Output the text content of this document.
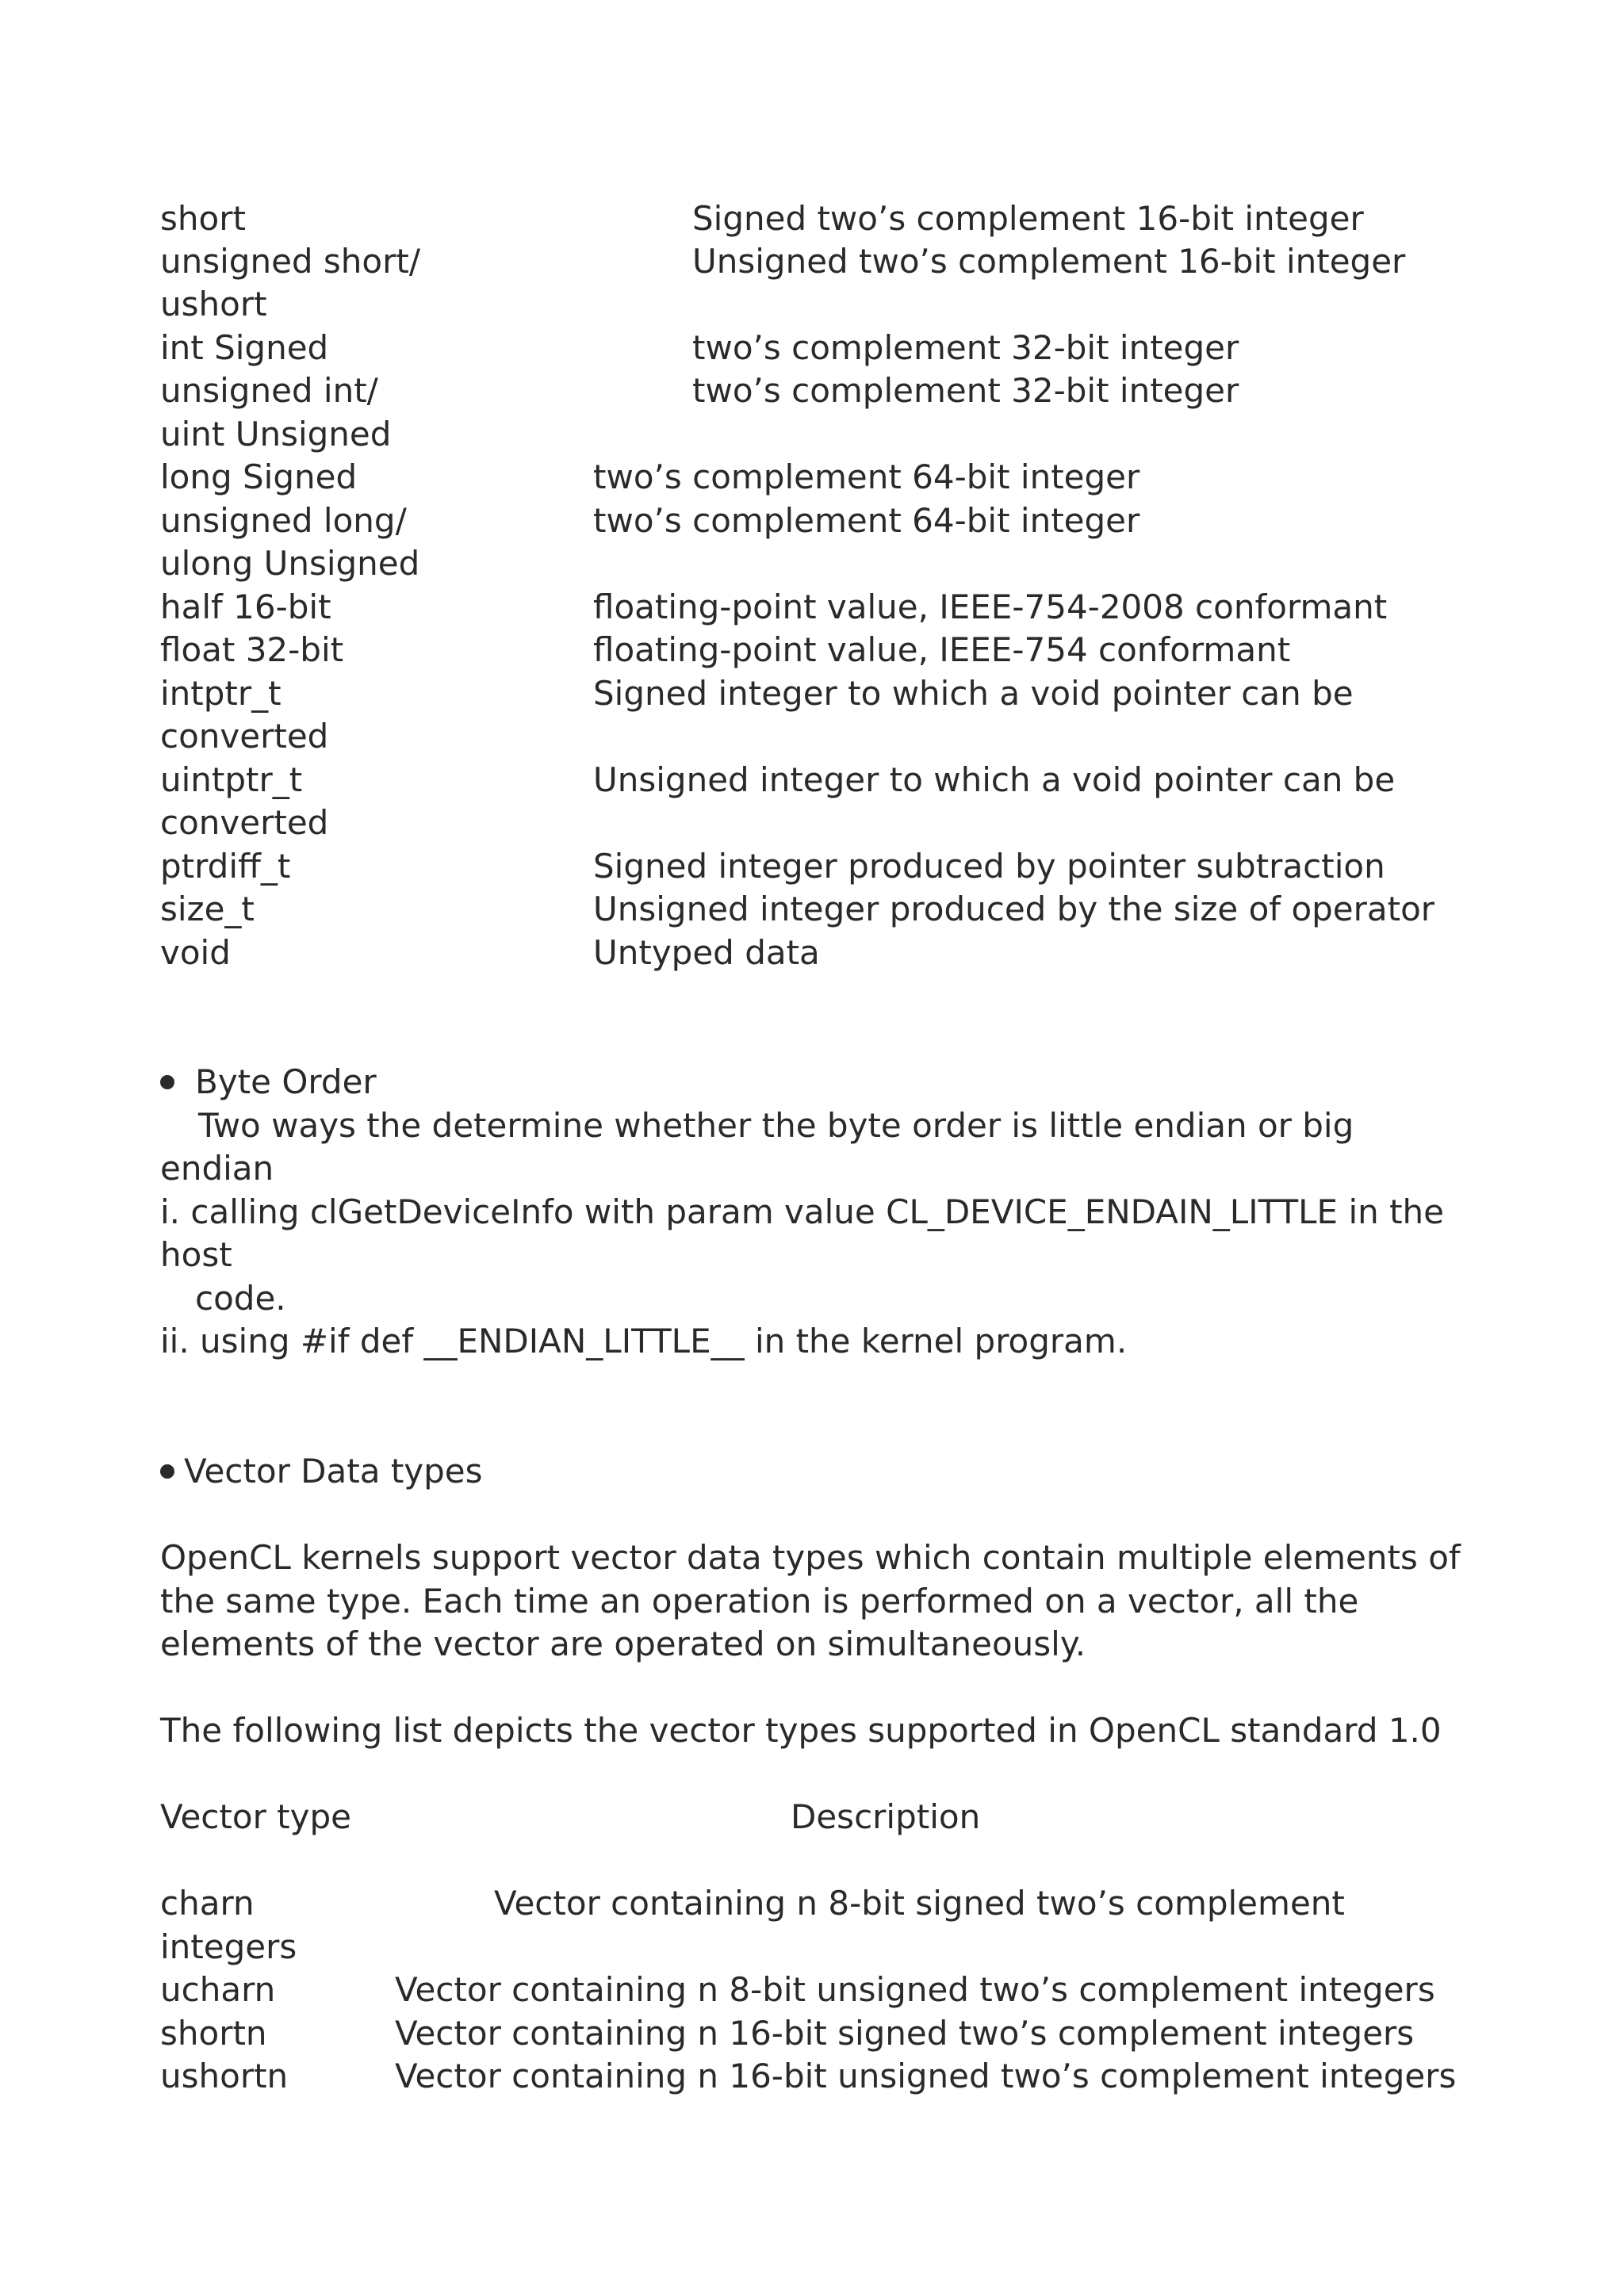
short	Signed two’s complement 16-bit integer
unsigned short/	Unsigned two’s complement 16-bit integer
ushort
int Signed	two’s complement 32-bit integer
unsigned int/	two’s complement 32-bit integer
uint Unsigned
long Signed	two’s complement 64-bit integer
unsigned long/	two’s complement 64-bit integer
ulong Unsigned
half 16-bit	floating-point value, IEEE-754-2008 conformant
float 32-bit	floating-point value, IEEE-754 conformant
intptr_t	Signed integer to which a void pointer can be
converted
uintptr_t	Unsigned integer to which a void pointer can be
converted
ptrdiff_t	Signed integer produced by pointer subtraction
size_t	Unsigned integer produced by the size of operator
void	Untyped data
Byte Order
Two ways the determine whether the byte order is little endian or big
endian
i. calling clGetDeviceInfo with param value CL_DEVICE_ENDAIN_LITTLE in the
host
code.
ii. using #if def __ENDIAN_LITTLE__ in the kernel program.
Vector Data types
OpenCL kernels support vector data types which contain multiple elements of
the same type. Each time an operation is performed on a vector, all the
elements of the vector are operated on simultaneously.
The following list depicts the vector types supported in OpenCL standard 1.0
Vector type	Description
charn	Vector containing n 8-bit signed two’s complement
integers
ucharn	Vector containing n 8-bit unsigned two’s complement integers
shortn	Vector containing n 16-bit signed two’s complement integers
ushortn	Vector containing n 16-bit unsigned two’s complement integers
